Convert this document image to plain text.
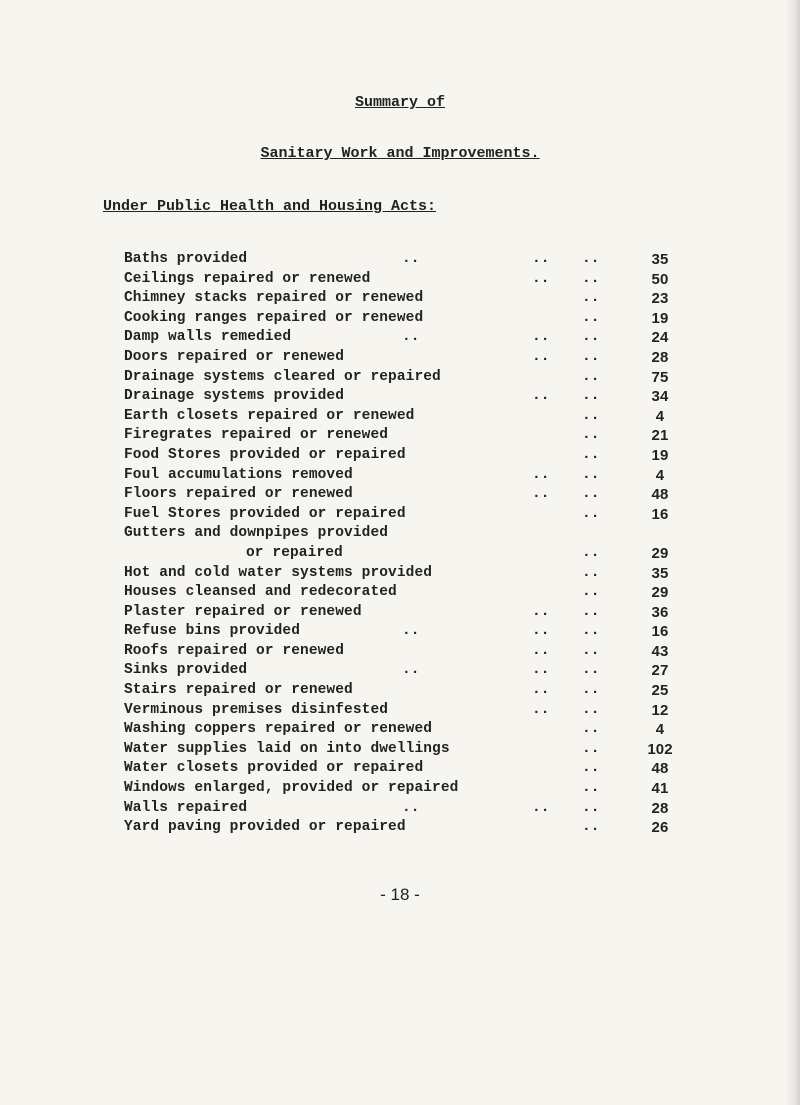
Summary of
Sanitary Work and Improvements.
Under Public Health and Housing Acts:
Baths provided	..	.. ..	35
Ceilings repaired or renewed	.. ..	50
Chimney stacks repaired or renewed	..	23
Cooking ranges repaired or renewed	..	19
Damp walls remedied	..	.. ..	24
Doors repaired or renewed	.. ..	28
Drainage systems cleared or repaired	..	75
Drainage systems provided	.. ..	34
Earth closets repaired or renewed	..	4
Firegrates repaired or renewed	..	21
Food Stores provided or repaired	..	19
Foul accumulations removed	.. ..	4
Floors repaired or renewed	.. ..	48
Fuel Stores provided or repaired	..	16
Gutters and downpipes provided
or repaired	..	29
Hot and cold water systems provided	..	35
Houses cleansed and redecorated	..	29
Plaster repaired or renewed	.. ..	36
Refuse bins provided	..	.. ..	16
Roofs repaired or renewed	.. ..	43
Sinks provided	..	.. ..	27
Stairs repaired or renewed	.. ..	25
Verminous premises disinfested	.. ..	12
Washing coppers repaired or renewed	..	4
Water supplies laid on into dwellings	..	102
Water closets provided or repaired	..	48
Windows enlarged, provided or repaired	..	41
Walls repaired	..	.. ..	28
Yard paving provided or repaired	..	26
- 18 -
